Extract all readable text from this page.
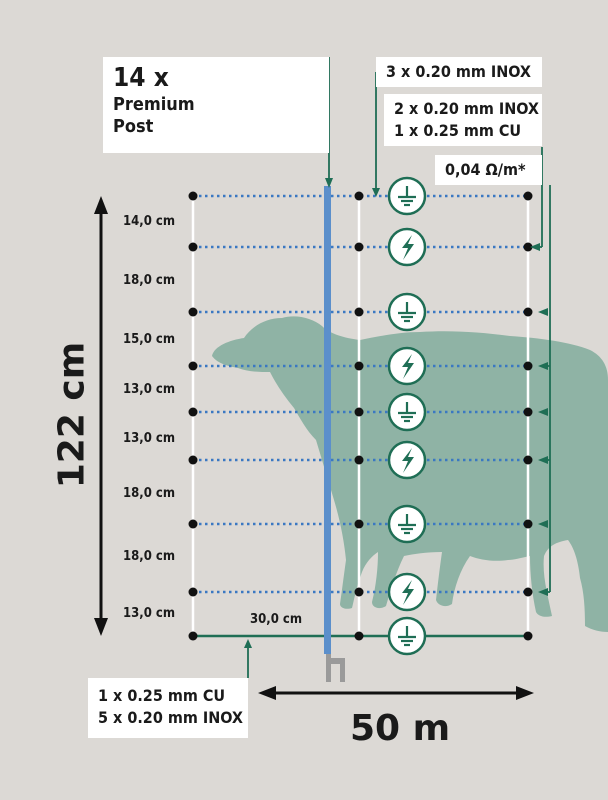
14 x
Premium
Post
3 x 0.20 mm INOX
2 x 0.20 mm INOX
1 x 0.25 mm CU
0,04 Ω/m*
1 x 0.25 mm CU
5 x 0.20 mm INOX
14,0 cm
18,0 cm
15,0 cm
13,0 cm
13,0 cm
18,0 cm
18,0 cm
13,0 cm	30,0 cm
122 cm
50 m
